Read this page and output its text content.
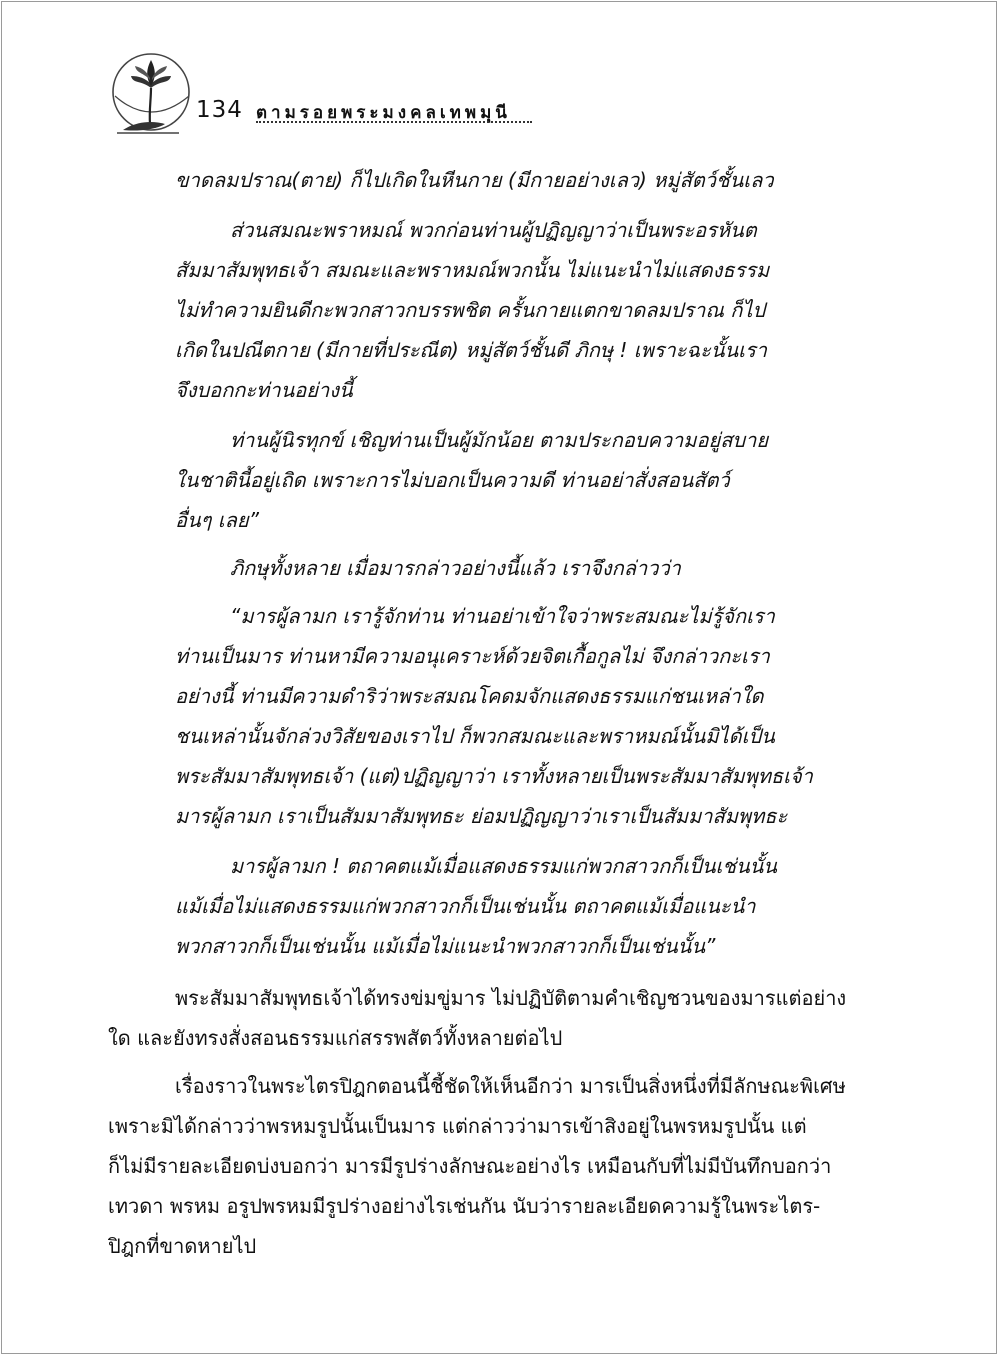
134 ตามรอยพระมงคลเทพมุนี
ขาดลมปราณ(ตาย) ก็ไปเกิดในหีนกาย (มีกายอย่างเลว) หมู่สัตว์ชั้นเลว
ส่วนสมณะพราหมณ์ พวกก่อนท่านผู้ปฏิญญาว่าเป็นพระอรหันต
สัมมาสัมพุทธเจ้า สมณะและพราหมณ์พวกนั้น ไม่แนะนำไม่แสดงธรรม
ไม่ทำความยินดีกะพวกสาวกบรรพชิต ครั้นกายแตกขาดลมปราณ ก็ไป
เกิดในปณีตกาย (มีกายที่ประณีต) หมู่สัตว์ชั้นดี ภิกษุ ! เพราะฉะนั้นเรา
จึงบอกกะท่านอย่างนี้
ท่านผู้นิรทุกข์ เชิญท่านเป็นผู้มักน้อย ตามประกอบความอยู่สบาย
ในชาตินี้อยู่เถิด เพราะการไม่บอกเป็นความดี ท่านอย่าสั่งสอนสัตว์
อื่นๆ เลย”
ภิกษุทั้งหลาย เมื่อมารกล่าวอย่างนี้แล้ว เราจึงกล่าวว่า
“มารผู้ลามก เรารู้จักท่าน ท่านอย่าเข้าใจว่าพระสมณะไม่รู้จักเรา
ท่านเป็นมาร ท่านหามีความอนุเคราะห์ด้วยจิตเกื้อกูลไม่ จึงกล่าวกะเรา
อย่างนี้ ท่านมีความดำริว่าพระสมณโคดมจักแสดงธรรมแก่ชนเหล่าใด
ชนเหล่านั้นจักล่วงวิสัยของเราไป ก็พวกสมณะและพราหมณ์นั้นมิได้เป็น
พระสัมมาสัมพุทธเจ้า (แต่)ปฏิญญาว่า เราทั้งหลายเป็นพระสัมมาสัมพุทธเจ้า
มารผู้ลามก เราเป็นสัมมาสัมพุทธะ ย่อมปฏิญญาว่าเราเป็นสัมมาสัมพุทธะ
มารผู้ลามก ! ตถาคตแม้เมื่อแสดงธรรมแก่พวกสาวกก็เป็นเช่นนั้น
แม้เมื่อไม่แสดงธรรมแก่พวกสาวกก็เป็นเช่นนั้น ตถาคตแม้เมื่อแนะนำ
พวกสาวกก็เป็นเช่นนั้น แม้เมื่อไม่แนะนำพวกสาวกก็เป็นเช่นนั้น”
พระสัมมาสัมพุทธเจ้าได้ทรงข่มขู่มาร ไม่ปฏิบัติตามคำเชิญชวนของมารแต่อย่าง
ใด และยังทรงสั่งสอนธรรมแก่สรรพสัตว์ทั้งหลายต่อไป
เรื่องราวในพระไตรปิฎกตอนนี้ชี้ชัดให้เห็นอีกว่า มารเป็นสิ่งหนึ่งที่มีลักษณะพิเศษ
เพราะมิได้กล่าวว่าพรหมรูปนั้นเป็นมาร แต่กล่าวว่ามารเข้าสิงอยู่ในพรหมรูปนั้น แต่
ก็ไม่มีรายละเอียดบ่งบอกว่า มารมีรูปร่างลักษณะอย่างไร เหมือนกับที่ไม่มีบันทึกบอกว่า
เทวดา พรหม อรูปพรหมมีรูปร่างอย่างไรเช่นกัน นับว่ารายละเอียดความรู้ในพระไตร-
ปิฎกที่ขาดหายไป
